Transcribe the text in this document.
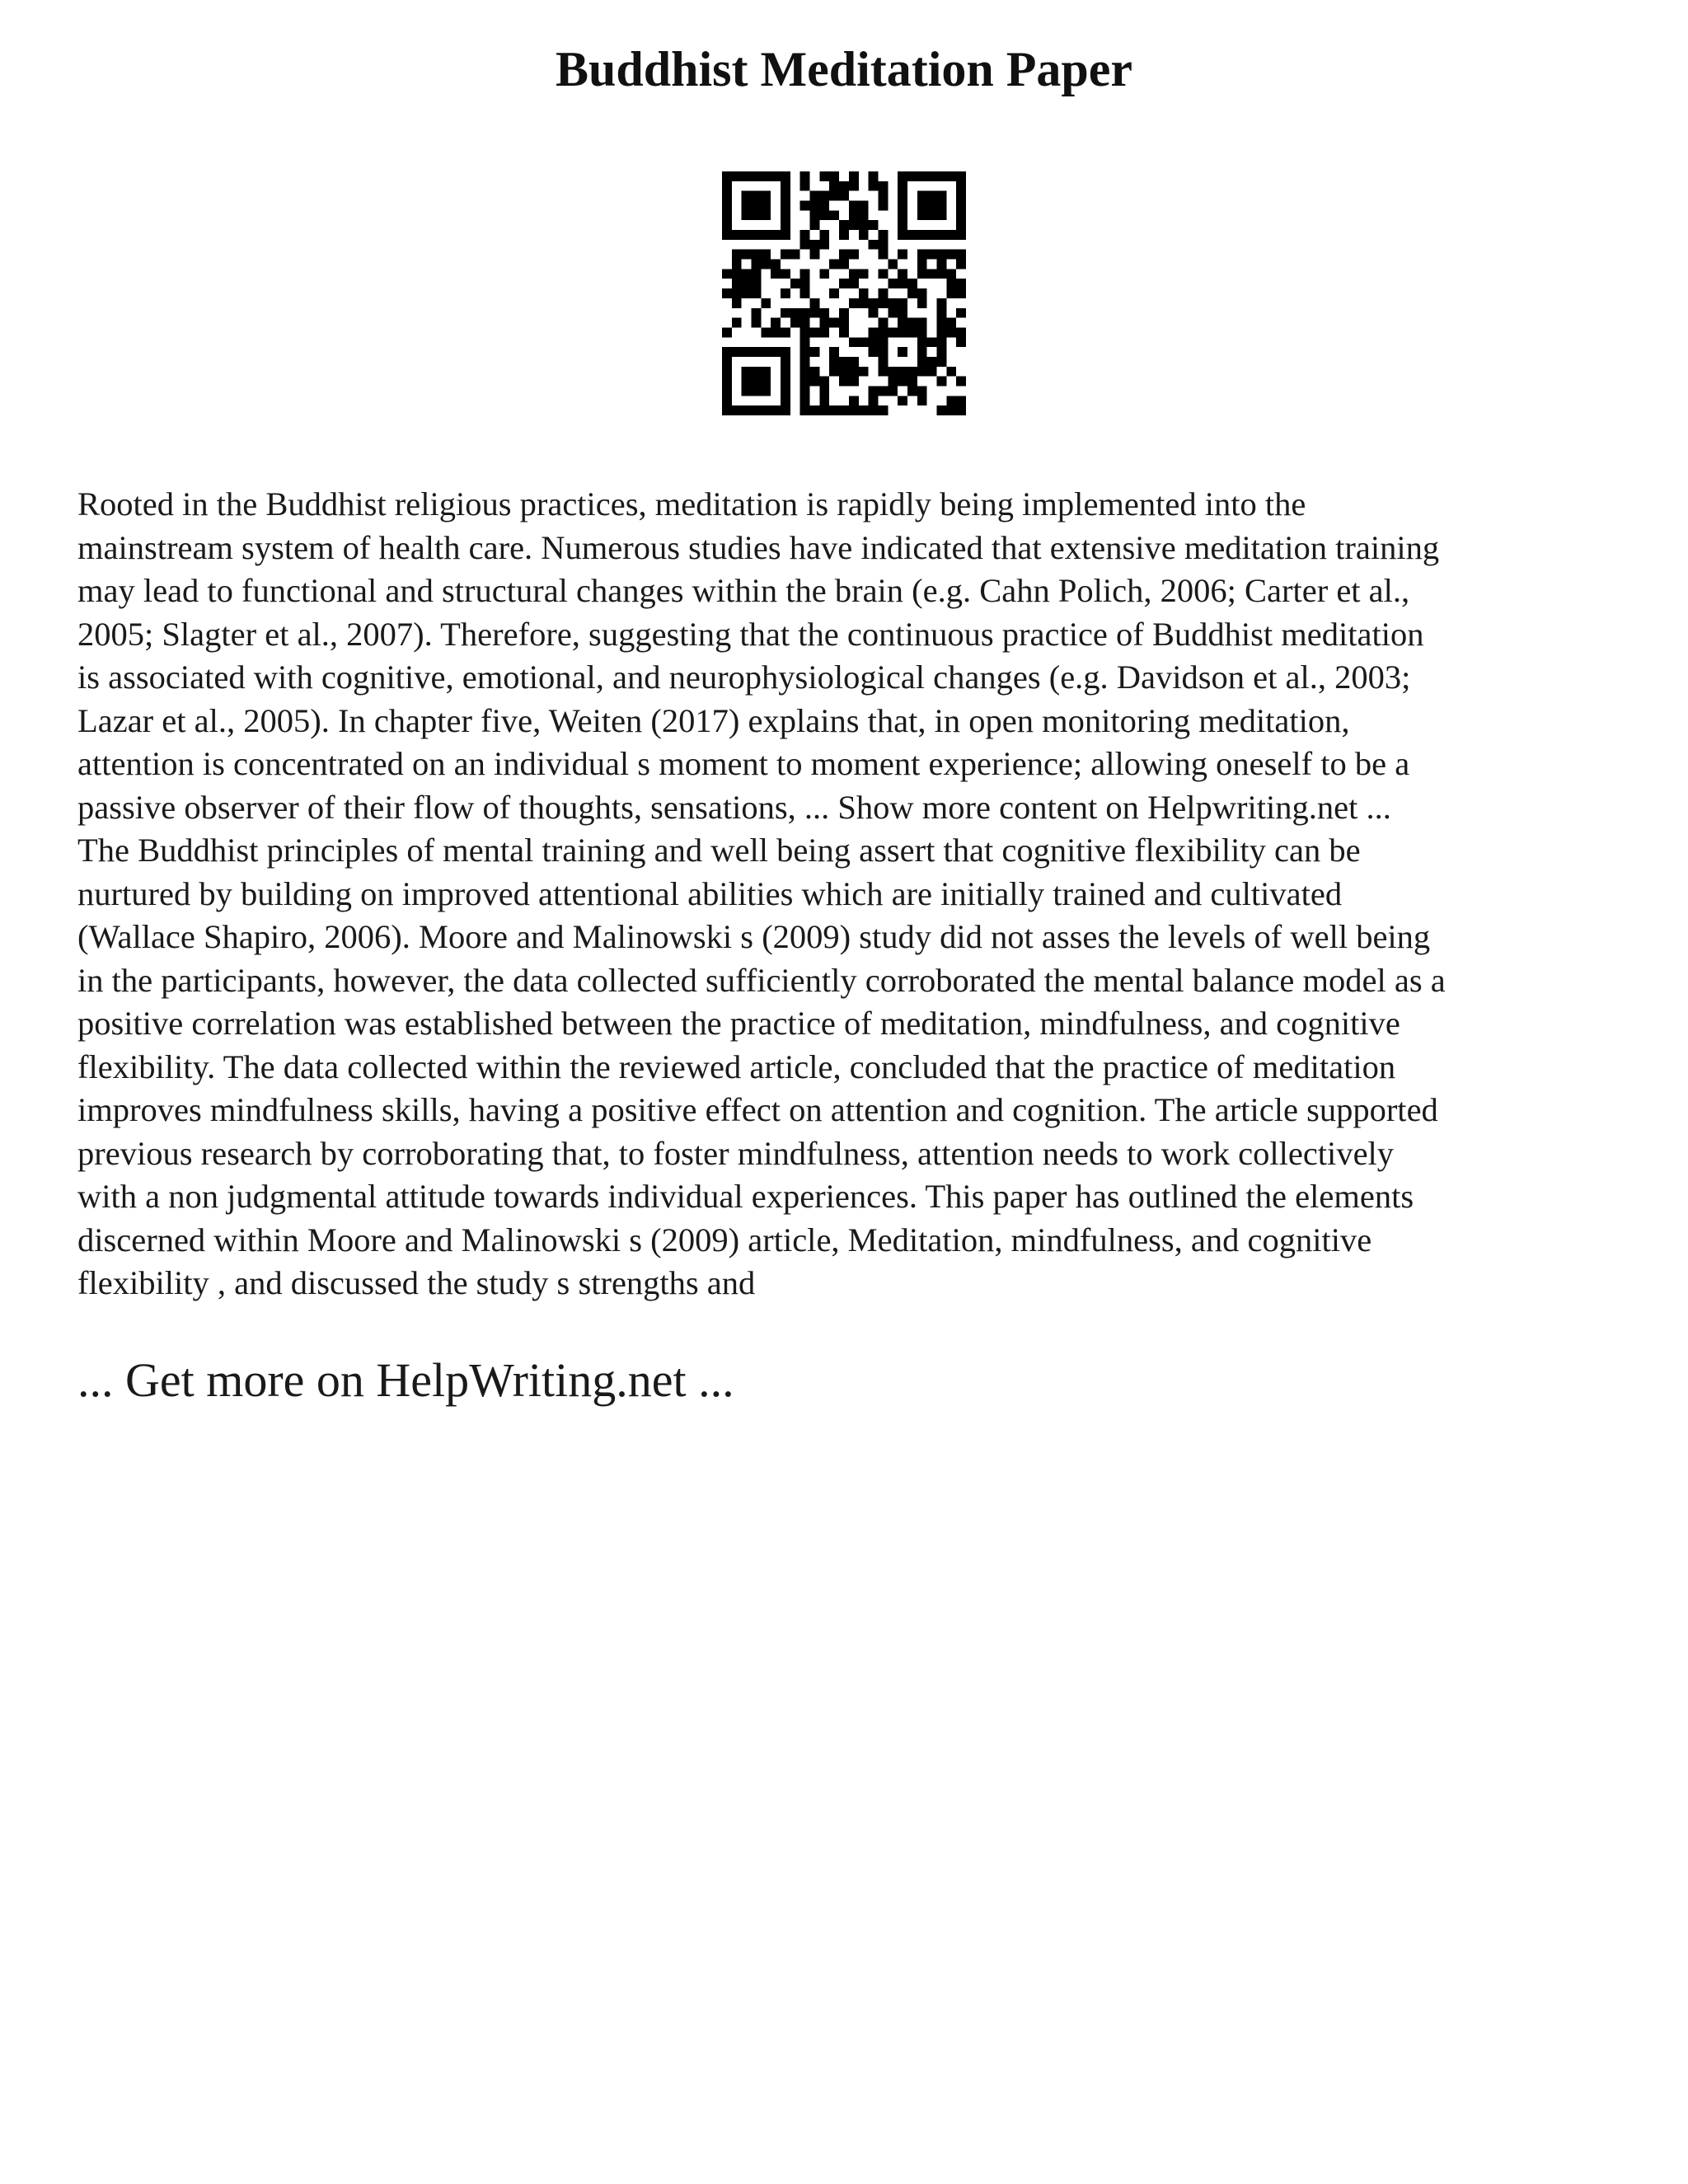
Buddhist Meditation Paper

Rooted in the Buddhist religious practices, meditation is rapidly being implemented into the
mainstream system of health care. Numerous studies have indicated that extensive meditation training
may lead to functional and structural changes within the brain (e.g. Cahn Polich, 2006; Carter et al.,
2005; Slagter et al., 2007). Therefore, suggesting that the continuous practice of Buddhist meditation
is associated with cognitive, emotional, and neurophysiological changes (e.g. Davidson et al., 2003;
Lazar et al., 2005). In chapter five, Weiten (2017) explains that, in open monitoring meditation,
attention is concentrated on an individual s moment to moment experience; allowing oneself to be a
passive observer of their flow of thoughts, sensations, ... Show more content on Helpwriting.net ...
The Buddhist principles of mental training and well being assert that cognitive flexibility can be
nurtured by building on improved attentional abilities which are initially trained and cultivated
(Wallace Shapiro, 2006). Moore and Malinowski s (2009) study did not asses the levels of well being
in the participants, however, the data collected sufficiently corroborated the mental balance model as a
positive correlation was established between the practice of meditation, mindfulness, and cognitive
flexibility. The data collected within the reviewed article, concluded that the practice of meditation
improves mindfulness skills, having a positive effect on attention and cognition. The article supported
previous research by corroborating that, to foster mindfulness, attention needs to work collectively
with a non judgmental attitude towards individual experiences. This paper has outlined the elements
discerned within Moore and Malinowski s (2009) article, Meditation, mindfulness, and cognitive
flexibility , and discussed the study s strengths and

... Get more on HelpWriting.net ...
